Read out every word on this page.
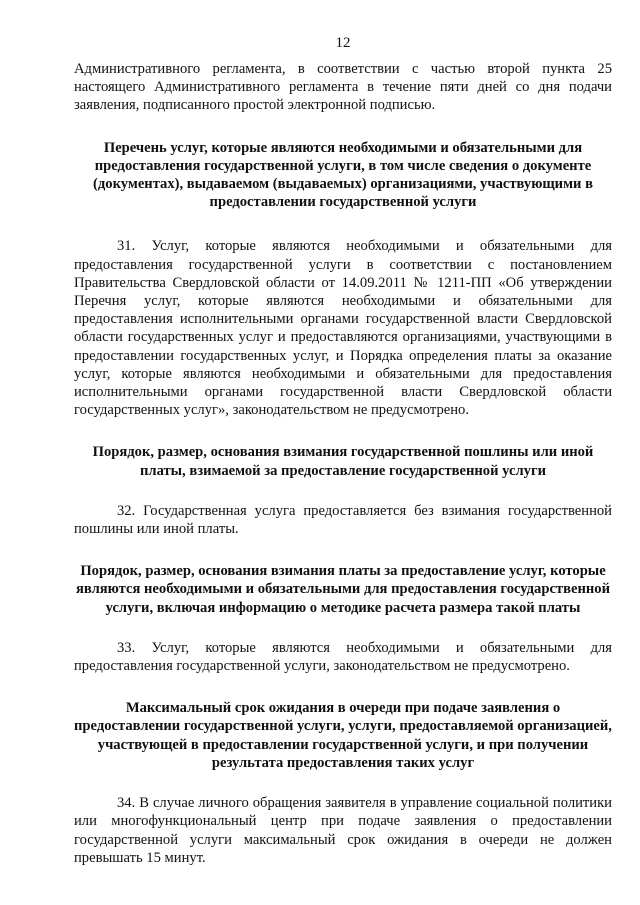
12

Административного регламента, в соответствии с частью второй пункта 25 настоящего Административного регламента в течение пяти дней со дня подачи заявления, подписанного простой электронной подписью.

Перечень услуг, которые являются необходимыми и обязательными для предоставления государственной услуги, в том числе сведения о документе (документах), выдаваемом (выдаваемых) организациями, участвующими в предоставлении государственной услуги

31. Услуг, которые являются необходимыми и обязательными для предоставления государственной услуги в соответствии с постановлением Правительства Свердловской области от 14.09.2011 № 1211-ПП «Об утверждении Перечня услуг, которые являются необходимыми и обязательными для предоставления исполнительными органами государственной власти Свердловской области государственных услуг и предоставляются организациями, участвующими в предоставлении государственных услуг, и Порядка определения платы за оказание услуг, которые являются необходимыми и обязательными для предоставления исполнительными органами государственной власти Свердловской области государственных услуг», законодательством не предусмотрено.

Порядок, размер, основания взимания государственной пошлины или иной платы, взимаемой за предоставление государственной услуги

32. Государственная услуга предоставляется без взимания государственной пошлины или иной платы.

Порядок, размер, основания взимания платы за предоставление услуг, которые являются необходимыми и обязательными для предоставления государственной услуги, включая информацию о методике расчета размера такой платы

33. Услуг, которые являются необходимыми и обязательными для предоставления государственной услуги, законодательством не предусмотрено.

Максимальный срок ожидания в очереди при подаче заявления о предоставлении государственной услуги, услуги, предоставляемой организацией, участвующей в предоставлении государственной услуги, и при получении результата предоставления таких услуг

34. В случае личного обращения заявителя в управление социальной политики или многофункциональный центр при подаче заявления о предоставлении государственной услуги максимальный срок ожидания в очереди не должен превышать 15 минут.
